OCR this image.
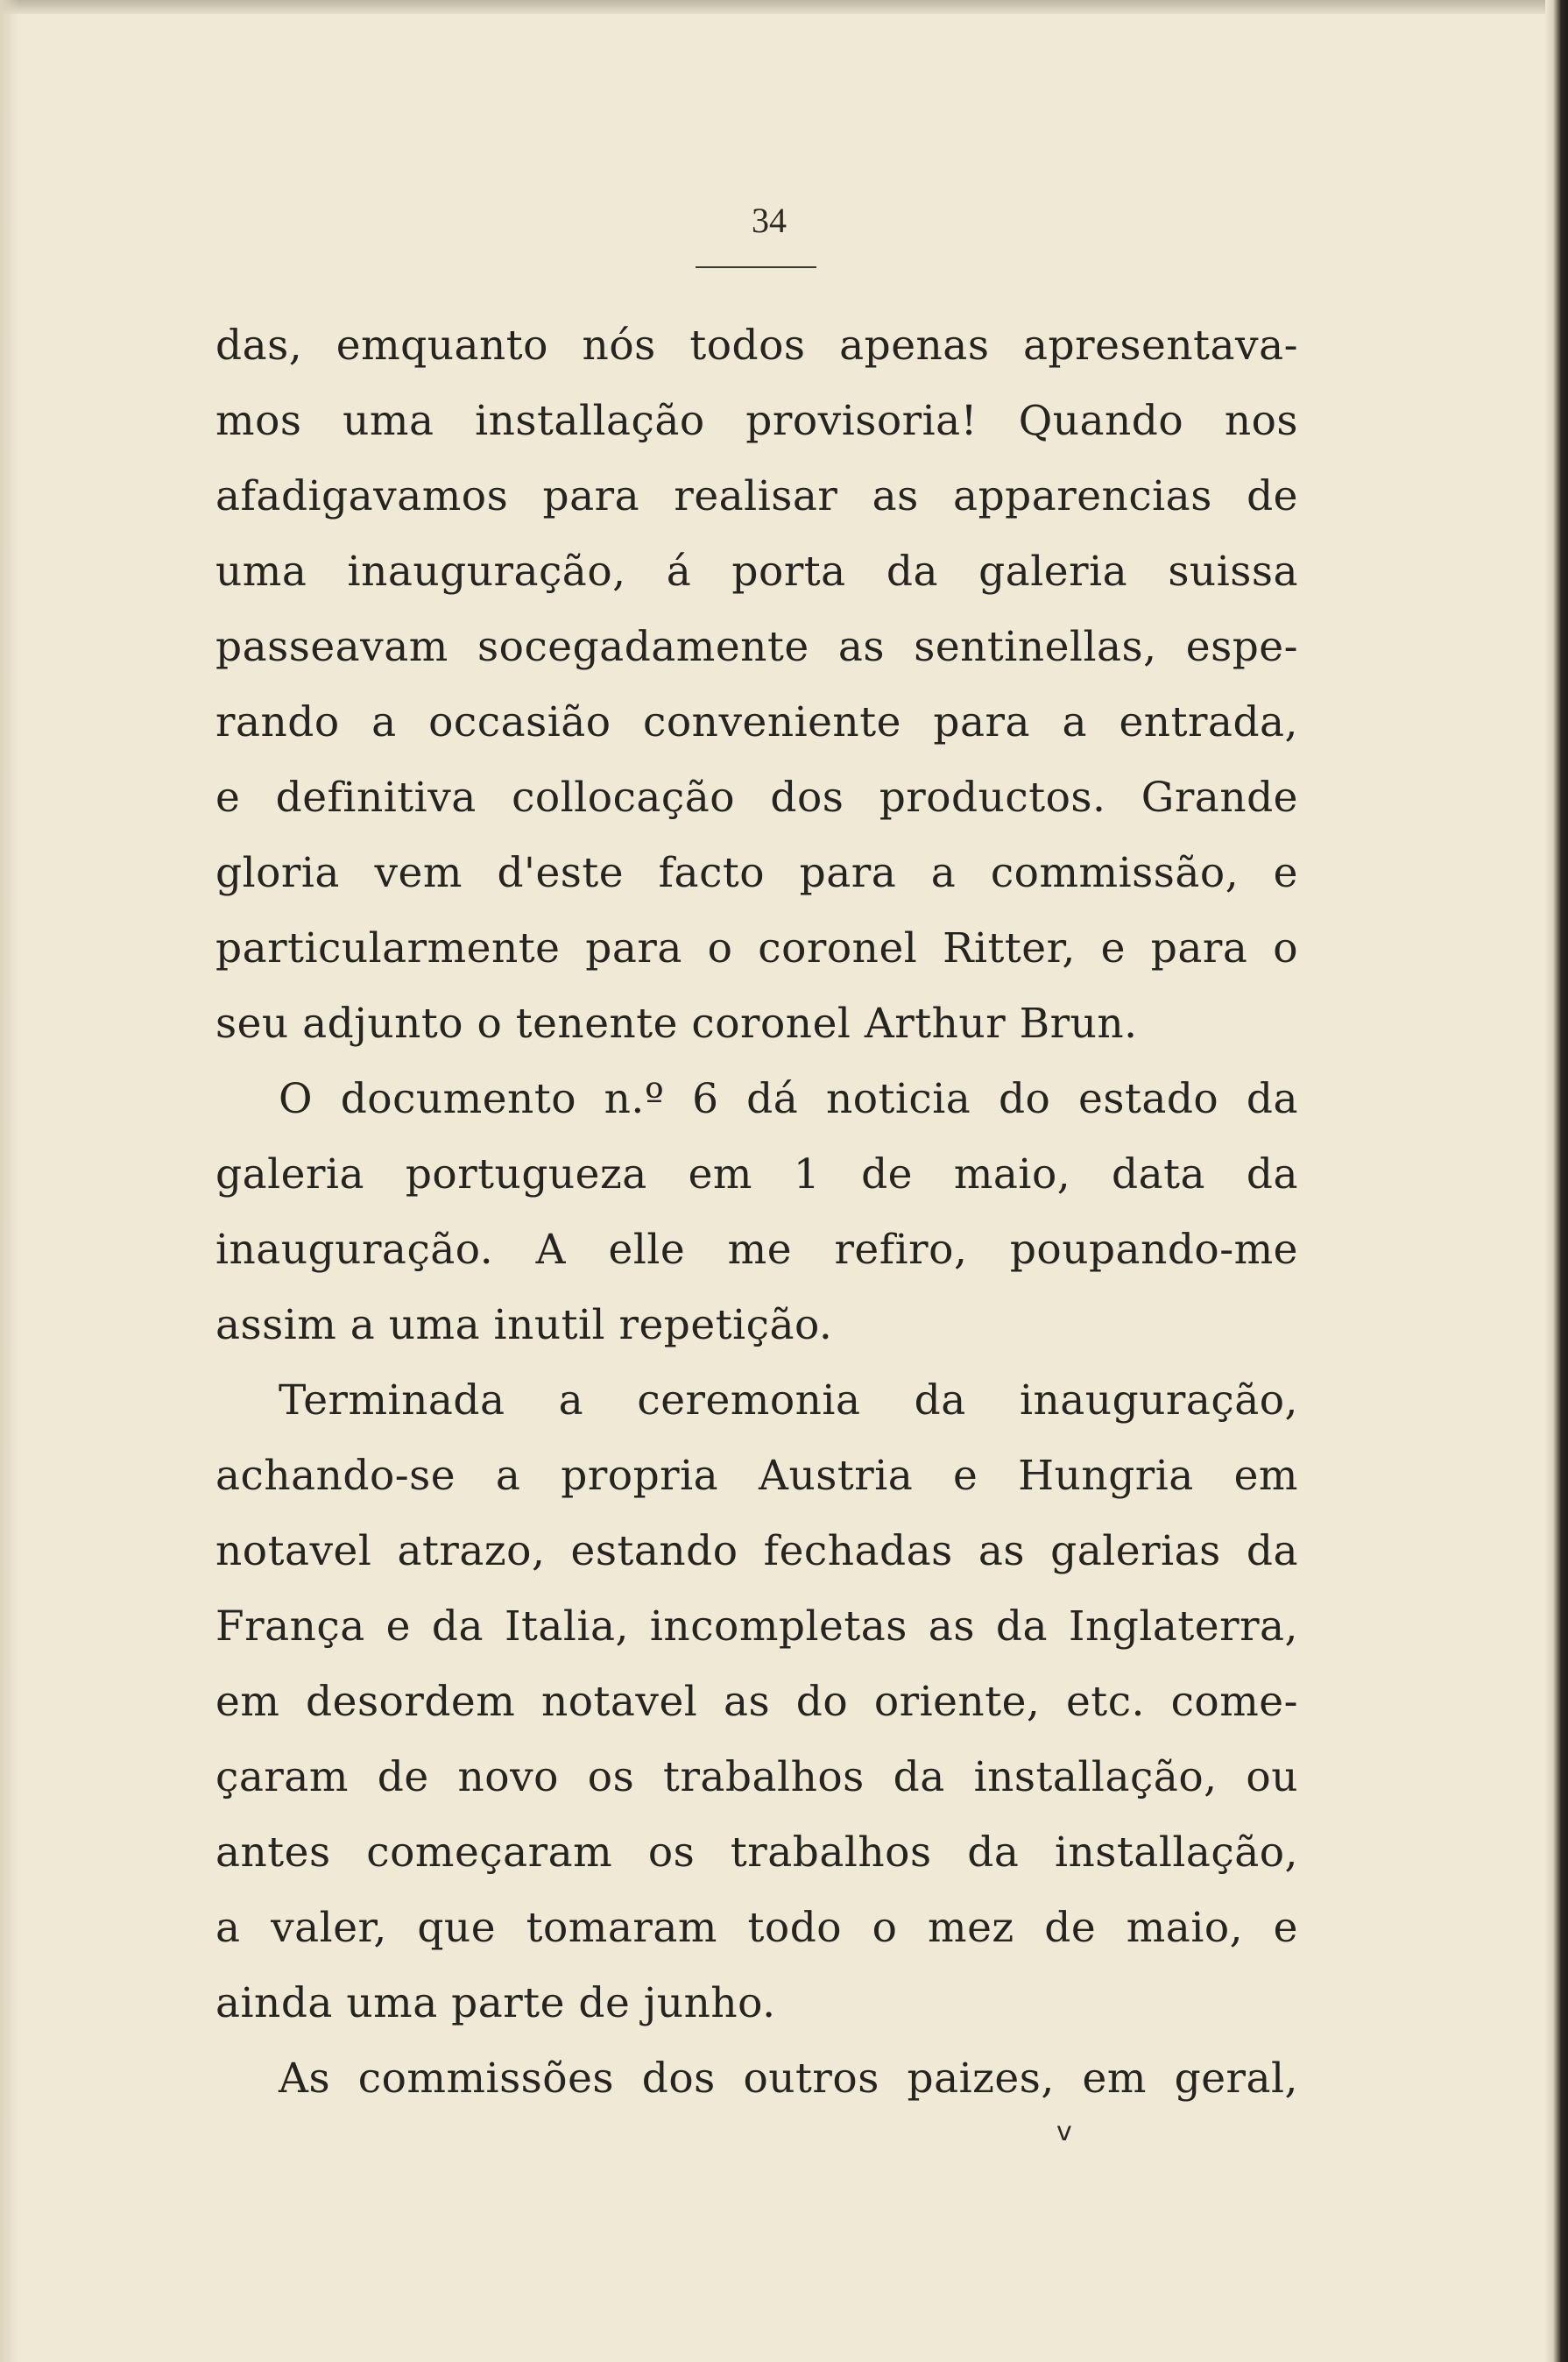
34
das, emquanto nós todos apenas apresentava-
mos uma installação provisoria! Quando nos
afadigavamos para realisar as apparencias de
uma inauguração, á porta da galeria suissa
passeavam socegadamente as sentinellas, espe-
rando a occasião conveniente para a entrada,
e definitiva collocação dos productos. Grande
gloria vem d'este facto para a commissão, e
particularmente para o coronel Ritter, e para o
seu adjunto o tenente coronel Arthur Brun.
O documento n.º 6 dá noticia do estado da
galeria portugueza em 1 de maio, data da
inauguração. A elle me refiro, poupando-me
assim a uma inutil repetição.
Terminada a ceremonia da inauguração,
achando-se a propria Austria e Hungria em
notavel atrazo, estando fechadas as galerias da
França e da Italia, incompletas as da Inglaterra,
em desordem notavel as do oriente, etc. come-
çaram de novo os trabalhos da installação, ou
antes começaram os trabalhos da installação,
a valer, que tomaram todo o mez de maio, e
ainda uma parte de junho.
As commissões dos outros paizes, em geral,
v
